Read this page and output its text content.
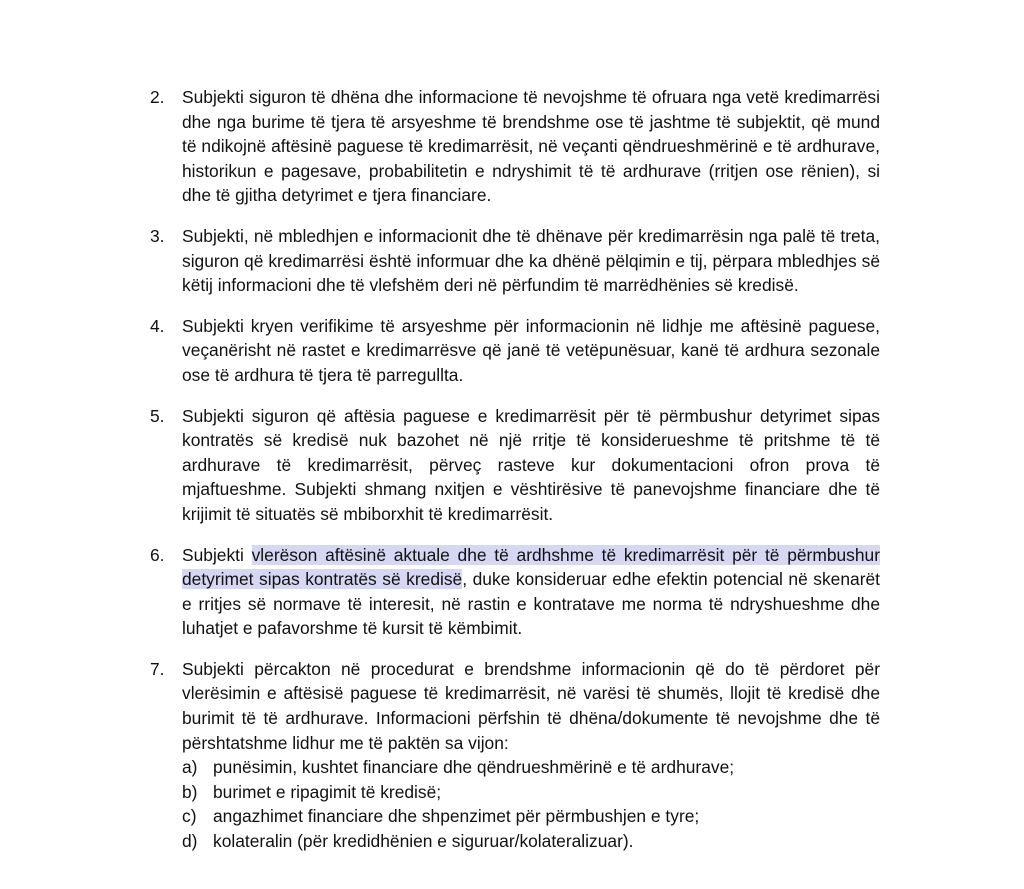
2. Subjekti siguron të dhëna dhe informacione të nevojshme të ofruara nga vetë kredimarrësi dhe nga burime të tjera të arsyeshme të brendshme ose të jashtme të subjektit, që mund të ndikojnë aftësinë paguese të kredimarrësit, në veçanti qëndrueshmërinë e të ardhurave, historikun e pagesave, probabilitetin e ndryshimit të të ardhurave (rritjen ose rënien), si dhe të gjitha detyrimet e tjera financiare.
3. Subjekti, në mbledhjen e informacionit dhe të dhënave për kredimarrësin nga palë të treta, siguron që kredimarrësi është informuar dhe ka dhënë pëlqimin e tij, përpara mbledhjes së këtij informacioni dhe të vlefshëm deri në përfundim të marrëdhënies së kredisë.
4. Subjekti kryen verifikime të arsyeshme për informacionin në lidhje me aftësinë paguese, veçanërisht në rastet e kredimarrësve që janë të vetëpunësuar, kanë të ardhura sezonale ose të ardhura të tjera të parregullta.
5. Subjekti siguron që aftësia paguese e kredimarrësit për të përmbushur detyrimet sipas kontratës së kredisë nuk bazohet në një rritje të konsiderueshme të pritshme të të ardhurave të kredimarrësit, përveç rasteve kur dokumentacioni ofron prova të mjaftueshme. Subjekti shmang nxitjen e vështirësive të panevojshme financiare dhe të krijimit të situatës së mbiborxhit të kredimarrësit.
6. Subjekti vlerëson aftësinë aktuale dhe të ardhshme të kredimarrësit për të përmbushur detyrimet sipas kontratës së kredisë, duke konsideruar edhe efektin potencial në skenarët e rritjes së normave të interesit, në rastin e kontratave me norma të ndryshueshme dhe luhatjet e pafavorshme të kursit të këmbimit.
7. Subjekti përcakton në procedurat e brendshme informacionin që do të përdoret për vlerësimin e aftësisë paguese të kredimarrësit, në varësi të shumës, llojit të kredisë dhe burimit të të ardhurave. Informacioni përfshin të dhëna/dokumente të nevojshme dhe të përshtatshme lidhur me të paktën sa vijon:
a) punësimin, kushtet financiare dhe qëndrueshmërinë e të ardhurave;
b) burimet e ripagimit të kredisë;
c) angazhimet financiare dhe shpenzimet për përmbushjen e tyre;
d) kolateralin (për kredidhënien e siguruar/kolateralizuar).
